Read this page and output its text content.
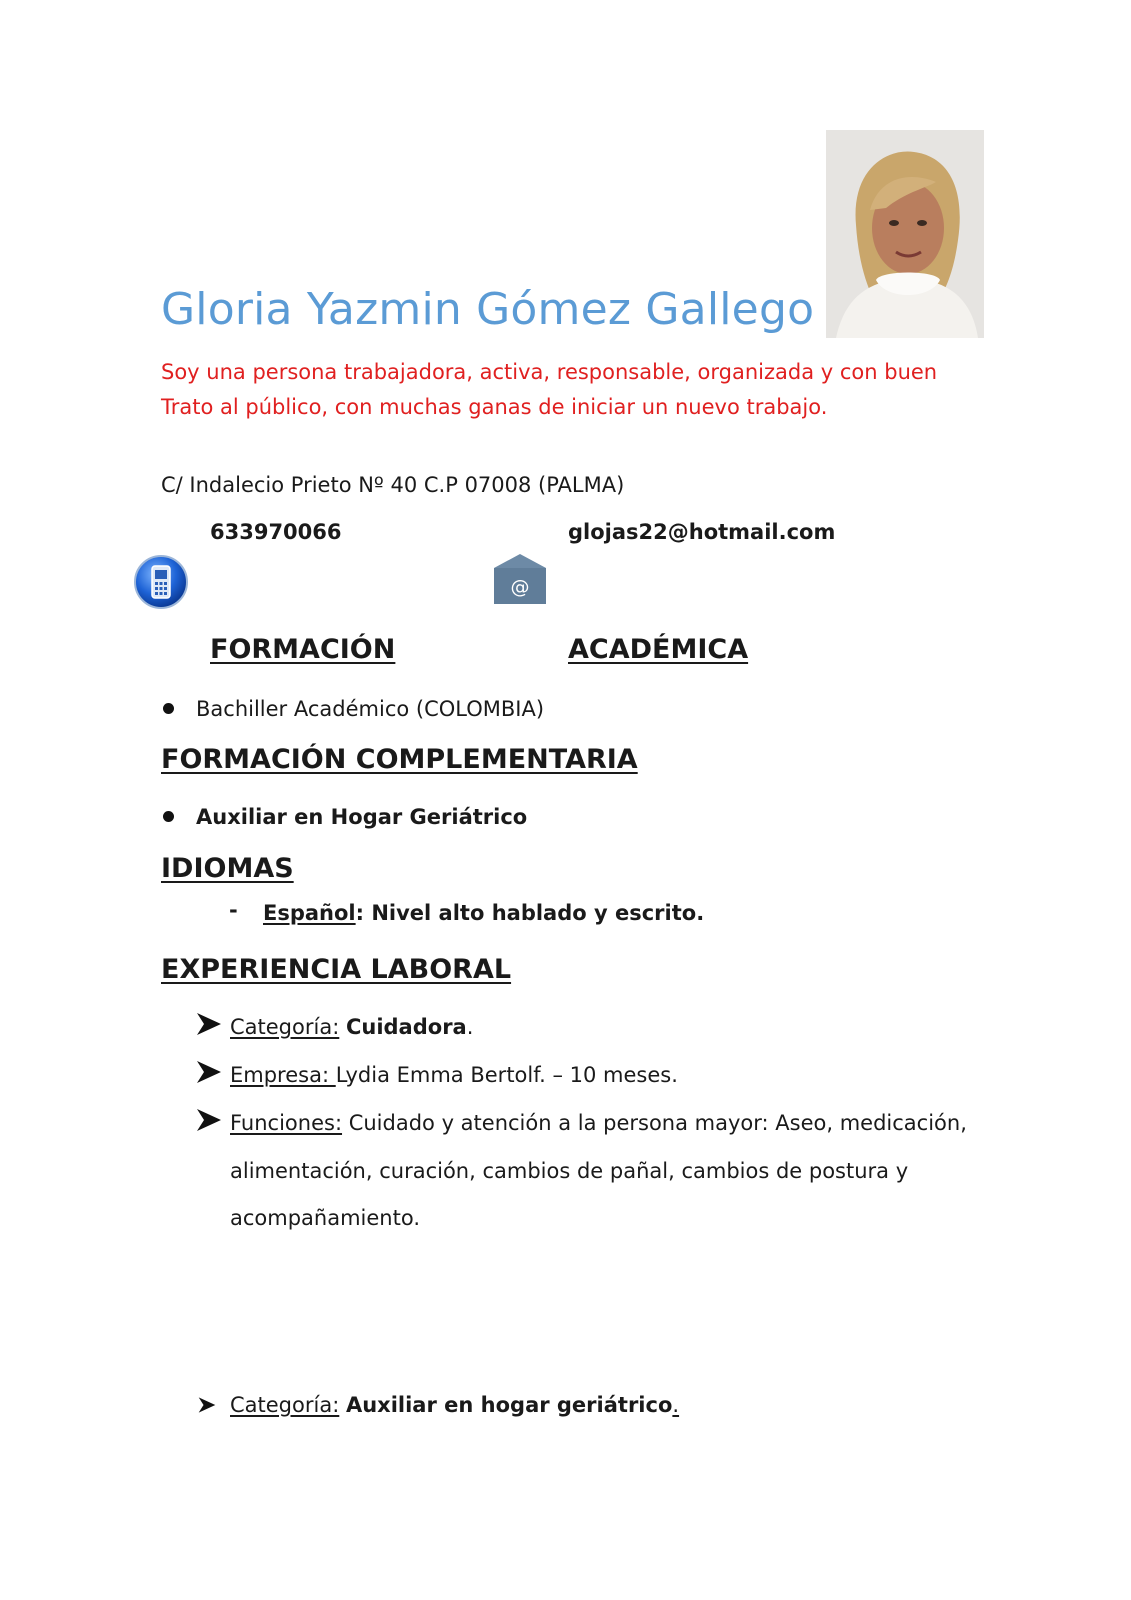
Gloria Yazmin Gómez Gallego
Soy una persona trabajadora, activa, responsable, organizada y con buen
Trato al público, con muchas ganas de iniciar un nuevo trabajo.
C/ Indalecio Prieto Nº 40 C.P 07008 (PALMA)
633970066	glojas22@hotmail.com
@
FORMACIÓN	ACADÉMICA
Bachiller Académico (COLOMBIA)
FORMACIÓN COMPLEMENTARIA
Auxiliar en Hogar Geriátrico
IDIOMAS
- Español: Nivel alto hablado y escrito.
EXPERIENCIA LABORAL
Categoría: Cuidadora.
Empresa: Lydia Emma Bertolf. – 10 meses.
Funciones: Cuidado y atención a la persona mayor: Aseo, medicación,
alimentación, curación, cambios de pañal, cambios de postura y
acompañamiento.
Categoría: Auxiliar en hogar geriátrico.
